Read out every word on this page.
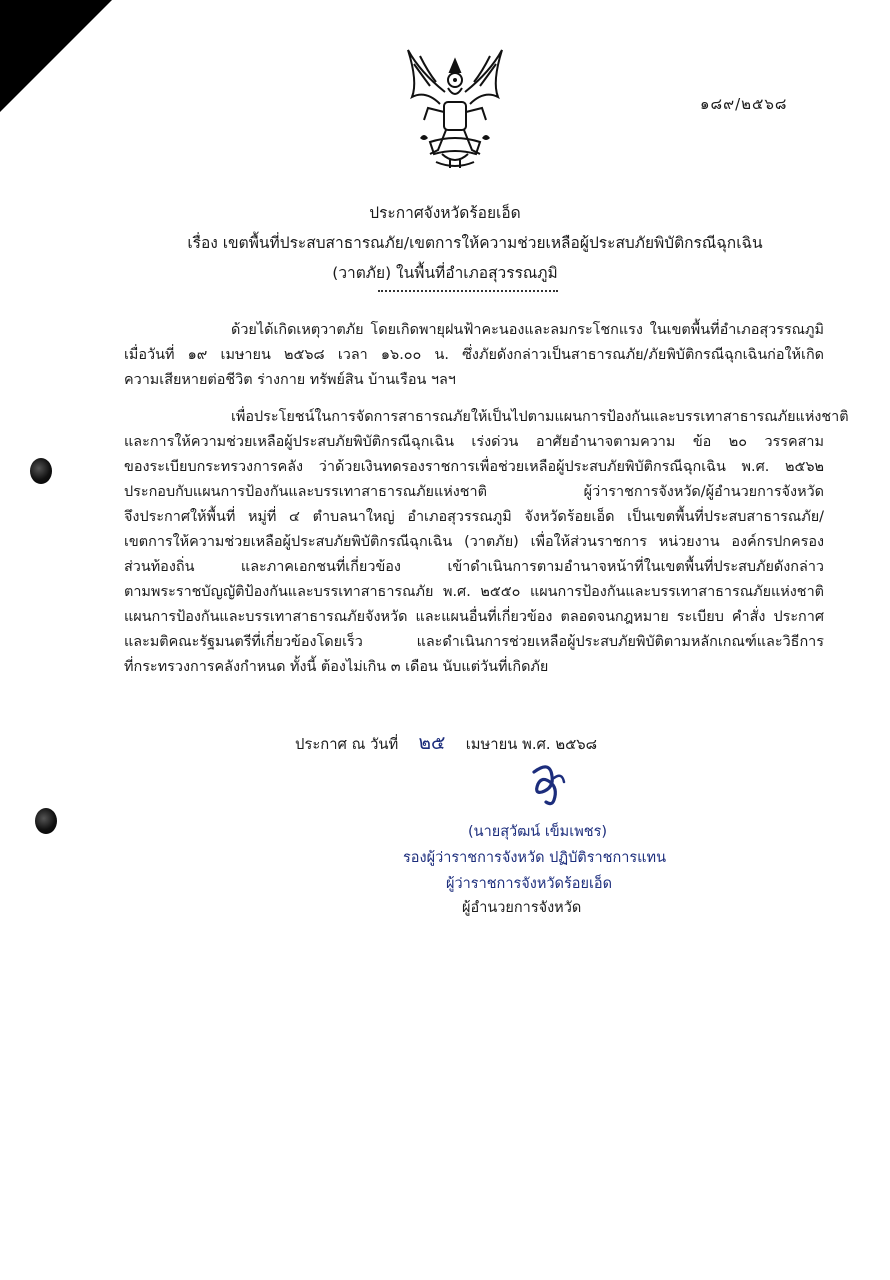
๑๘๙/๒๕๖๘
ประกาศจังหวัดร้อยเอ็ด
เรื่อง เขตพื้นที่ประสบสาธารณภัย/เขตการให้ความช่วยเหลือผู้ประสบภัยพิบัติกรณีฉุกเฉิน
(วาตภัย) ในพื้นที่อำเภอสุวรรณภูมิ
ด้วยได้เกิดเหตุวาตภัย โดยเกิดพายุฝนฟ้าคะนองและลมกระโชกแรง ในเขตพื้นที่อำเภอสุวรรณภูมิ
เมื่อวันที่ ๑๙ เมษายน ๒๕๖๘ เวลา ๑๖.๐๐ น. ซึ่งภัยดังกล่าวเป็นสาธารณภัย/ภัยพิบัติกรณีฉุกเฉินก่อให้เกิด
ความเสียหายต่อชีวิต ร่างกาย ทรัพย์สิน บ้านเรือน ฯลฯ
เพื่อประโยชน์ในการจัดการสาธารณภัยให้เป็นไปตามแผนการป้องกันและบรรเทาสาธารณภัยแห่งชาติ
และการให้ความช่วยเหลือผู้ประสบภัยพิบัติกรณีฉุกเฉิน เร่งด่วน อาศัยอำนาจตามความ ข้อ ๒๐ วรรคสาม
ของระเบียบกระทรวงการคลัง ว่าด้วยเงินทดรองราชการเพื่อช่วยเหลือผู้ประสบภัยพิบัติกรณีฉุกเฉิน พ.ศ. ๒๕๖๒
ประกอบกับแผนการป้องกันและบรรเทาสาธารณภัยแห่งชาติ ผู้ว่าราชการจังหวัด/ผู้อำนวยการจังหวัด
จึงประกาศให้พื้นที่ หมู่ที่ ๔ ตำบลนาใหญ่ อำเภอสุวรรณภูมิ จังหวัดร้อยเอ็ด เป็นเขตพื้นที่ประสบสาธารณภัย/
เขตการให้ความช่วยเหลือผู้ประสบภัยพิบัติกรณีฉุกเฉิน (วาตภัย) เพื่อให้ส่วนราชการ หน่วยงาน องค์กรปกครอง
ส่วนท้องถิ่น และภาคเอกชนที่เกี่ยวข้อง เข้าดำเนินการตามอำนาจหน้าที่ในเขตพื้นที่ประสบภัยดังกล่าว
ตามพระราชบัญญัติป้องกันและบรรเทาสาธารณภัย พ.ศ. ๒๕๕๐ แผนการป้องกันและบรรเทาสาธารณภัยแห่งชาติ
แผนการป้องกันและบรรเทาสาธารณภัยจังหวัด และแผนอื่นที่เกี่ยวข้อง ตลอดจนกฎหมาย ระเบียบ คำสั่ง ประกาศ
และมติคณะรัฐมนตรีที่เกี่ยวข้องโดยเร็ว และดำเนินการช่วยเหลือผู้ประสบภัยพิบัติตามหลักเกณฑ์และวิธีการ
ที่กระทรวงการคลังกำหนด ทั้งนี้ ต้องไม่เกิน ๓ เดือน นับแต่วันที่เกิดภัย
ประกาศ ณ วันที่ ๒๕ เมษายน พ.ศ. ๒๕๖๘
(นายสุวัฒน์ เข็มเพชร)
รองผู้ว่าราชการจังหวัด ปฏิบัติราชการแทน
ผู้ว่าราชการจังหวัดร้อยเอ็ด
ผู้อำนวยการจังหวัด
